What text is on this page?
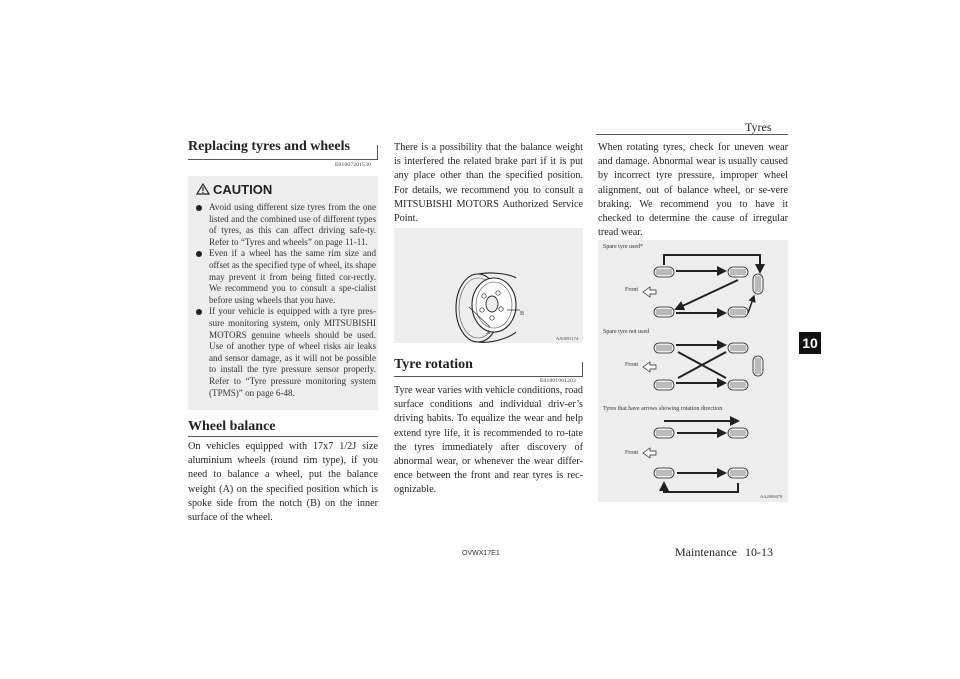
Tyres
Replacing tyres and wheels
E01007201530
CAUTION
Avoid using different size tyres from the one listed and the combined use of different types of tyres, as this can affect driving safe-ty. Refer to “Tyres and wheels” on page 11-11.
Even if a wheel has the same rim size and offset as the specified type of wheel, its shape may prevent it from being fitted cor-rectly. We recommend you to consult a spe-cialist before using wheels that you have.
If your vehicle is equipped with a tyre pres-sure monitoring system, only MITSUBISHI MOTORS genuine wheels should be used. Use of another type of wheel risks air leaks and sensor damage, as it will not be possible to install the tyre pressure sensor properly. Refer to “Tyre pressure monitoring system (TPMS)” on page 6-48.
Wheel balance
On vehicles equipped with 17x7 1/2J size aluminium wheels (round rim type), if you need to balance a wheel, put the balance weight (A) on the specified position which is spoke side from the notch (B) on the inner surface of the wheel.
There is a possibility that the balance weight is interfered the related brake part if it is put any place other than the specified position. For details, we recommend you to consult a MITSUBISHI MOTORS Authorized Service Point.
A
B
AA0091174
Tyre rotation
E01001901203
Tyre wear varies with vehicle conditions, road surface conditions and individual driv-er’s driving habits. To equalize the wear and help extend tyre life, it is recommended to ro-tate the tyres immediately after discovery of abnormal wear, or whenever the wear differ-ence between the front and rear tyres is rec-ognizable.
When rotating tyres, check for uneven wear and damage. Abnormal wear is usually caused by incorrect tyre pressure, improper wheel alignment, out of balance wheel, or se-vere braking. We recommend you to have it checked to determine the cause of irregular tread wear.
Spare tyre used*
Front
Spare tyre not used
Front
Tyres that have arrows showing rotation direction
Front
AA2000679
10
OVWX17E1	Maintenance 10-13
